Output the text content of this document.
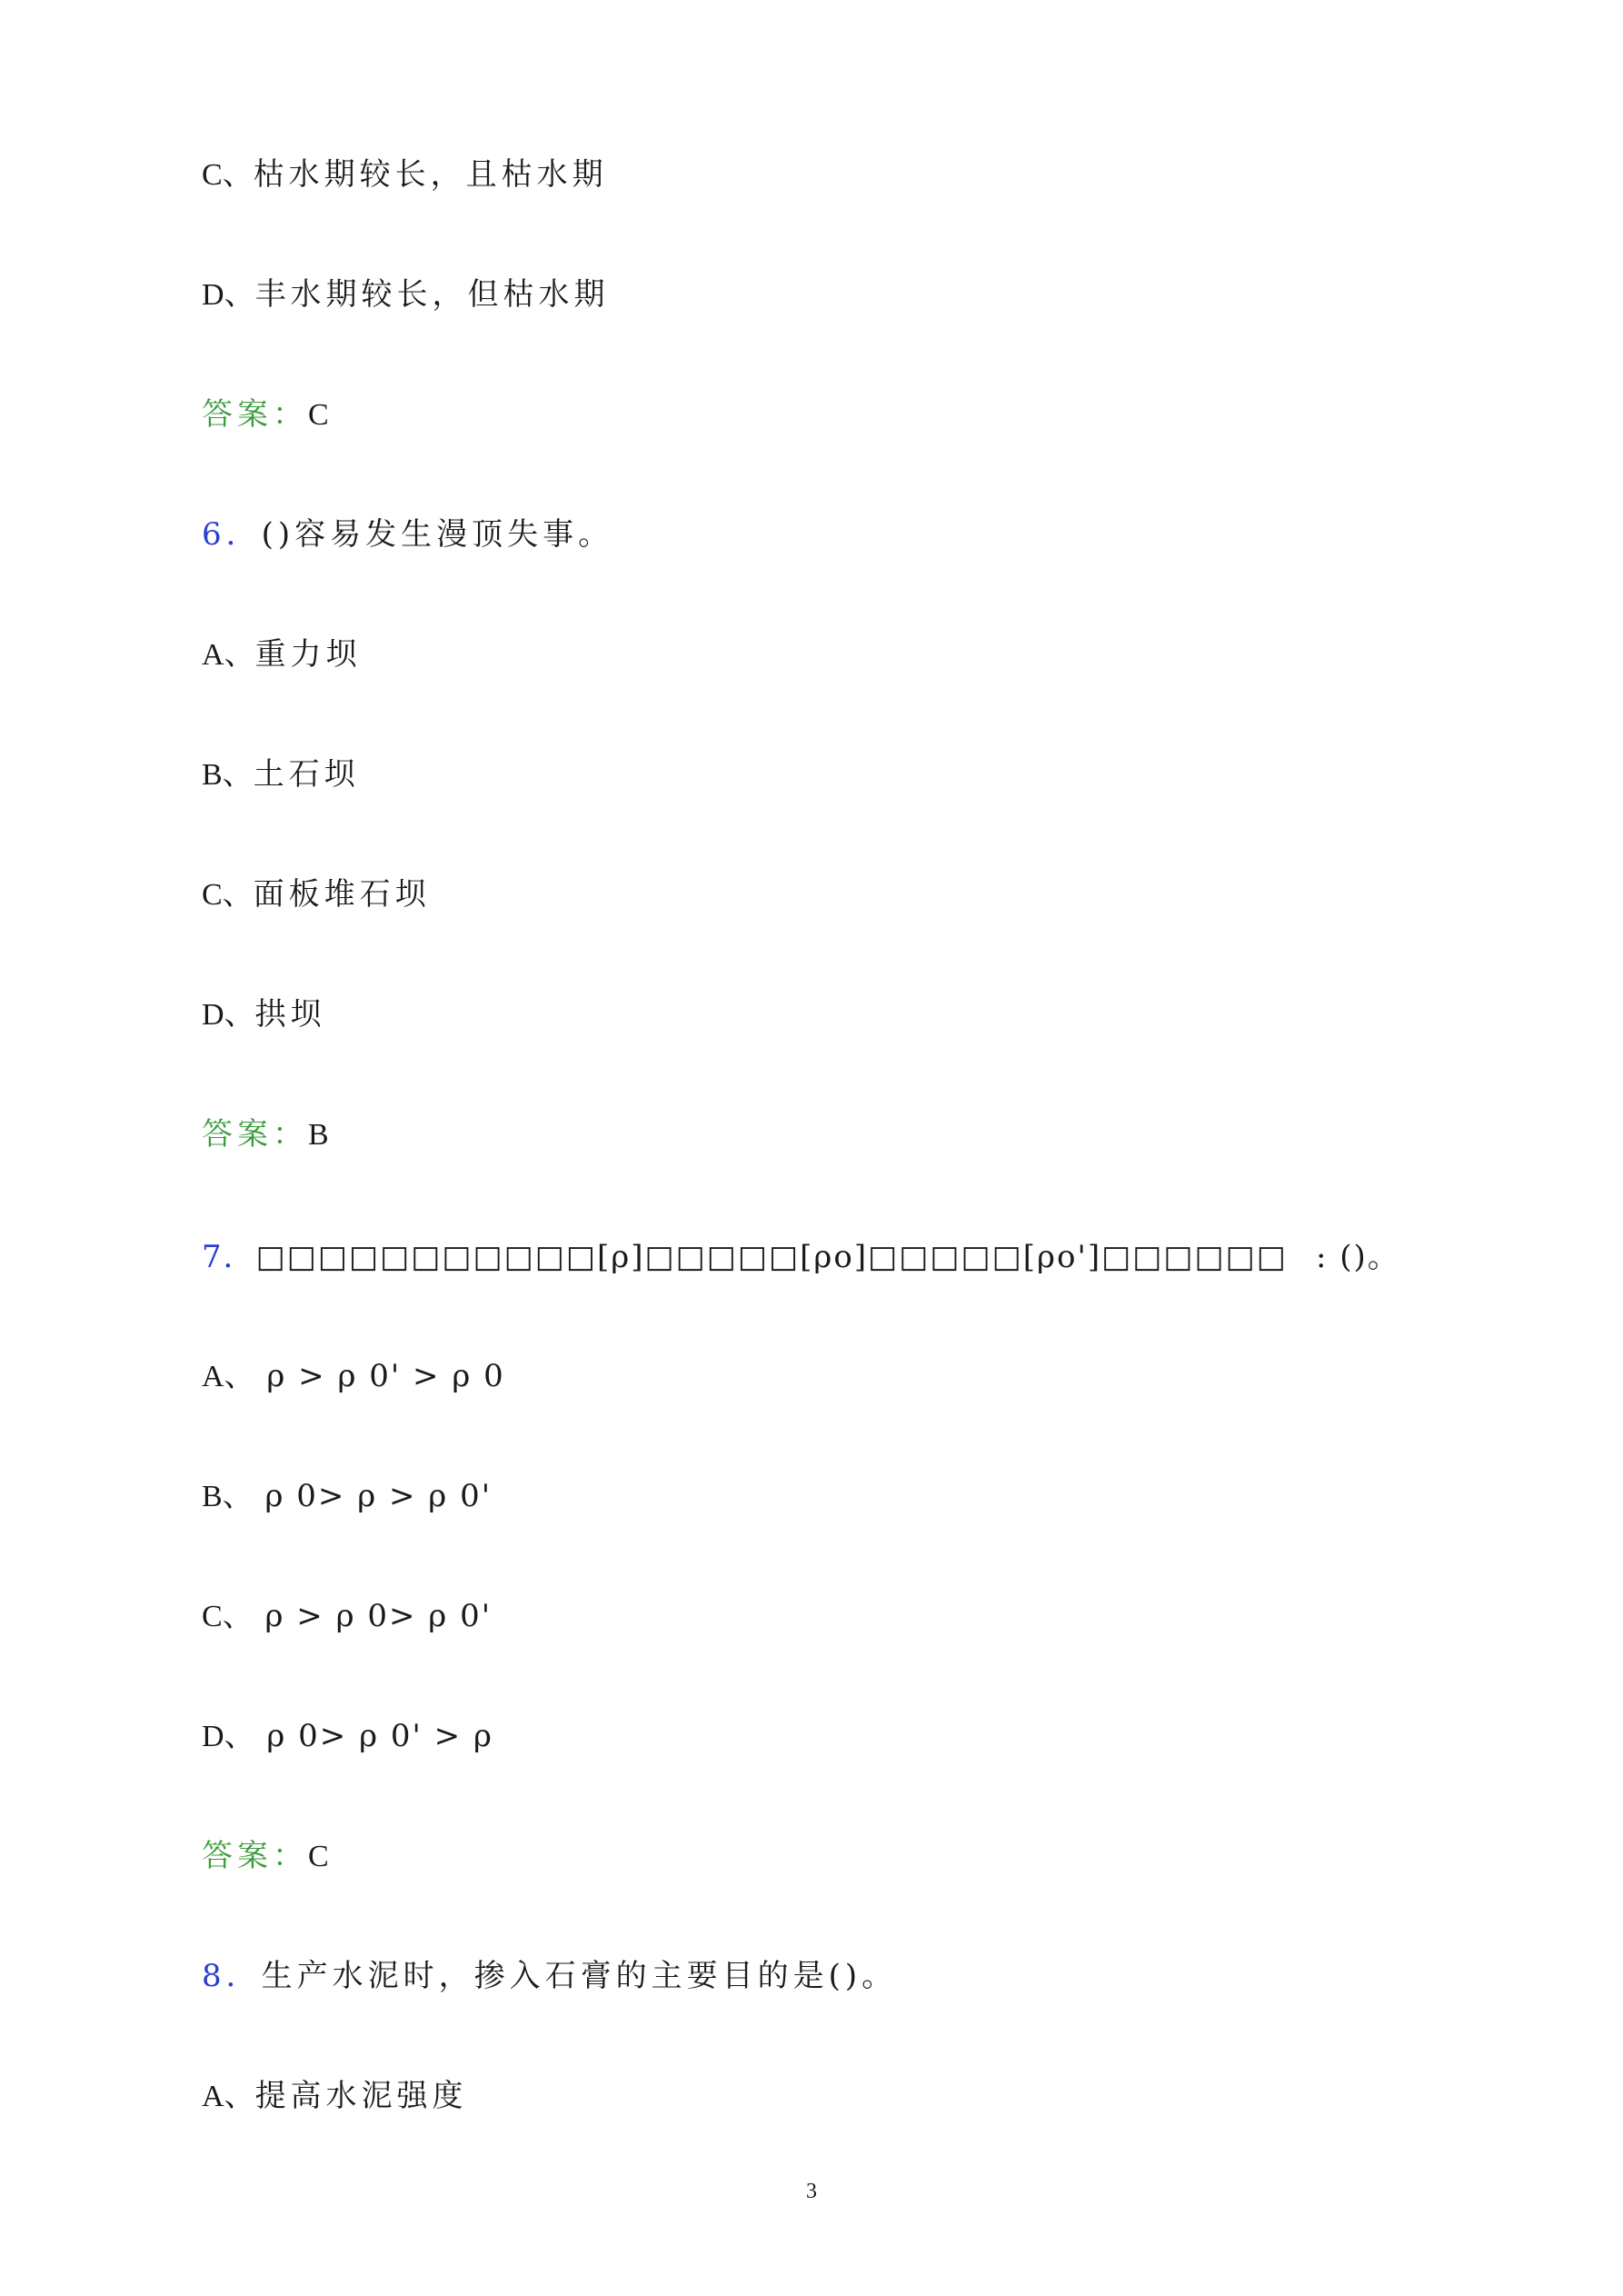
C、枯水期较长，且枯水期
D、丰水期较长，但枯水期
答案：C
6．()容易发生漫顶失事。
A、重力坝
B、土石坝
C、面板堆石坝
D、拱坝
答案：B
7．□□□□□□□□□□□[ρ]□□□□□[ρo]□□□□□[ρo']□□□□□□ : ()。
A、 ρ > ρ 0' > ρ 0
B、 ρ 0> ρ > ρ 0'
C、 ρ > ρ 0> ρ 0'
D、 ρ 0> ρ 0' > ρ
答案：C
8．生产水泥时，掺入石膏的主要目的是()。
A、提高水泥强度
3
